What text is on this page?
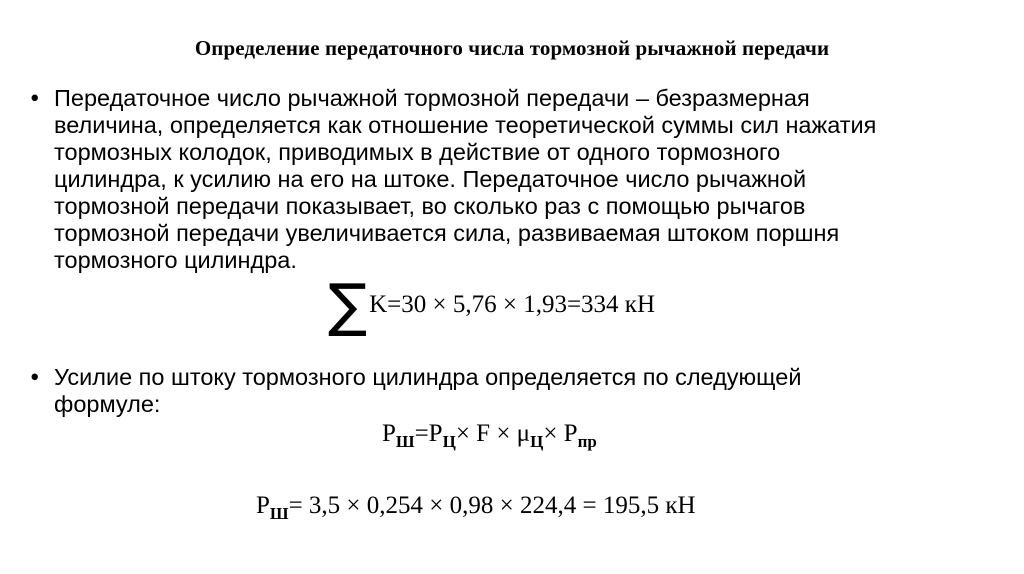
Определение передаточного числа тормозной рычажной передачи
• Передаточное число рычажной тормозной передачи – безразмерная
величина, определяется как отношение теоретической суммы сил нажатия
тормозных колодок, приводимых в действие от одного тормозного
цилиндра, к усилию на его на штоке. Передаточное число рычажной
тормозной передачи показывает, во сколько раз с помощью рычагов
тормозной передачи увеличивается сила, развиваемая штоком поршня
тормозного цилиндра.
∑K=30 × 5,76 × 1,93=334 кН
• Усилие по штоку тормозного цилиндра определяется по следующей
формуле:
$P_Ш=P_Ц\times F \times \mu_Ц\times P_{пр}$
$P_Ш= 3,5 \times 0,254 \times 0,98 \times 224,4 = 195,5$ кН
